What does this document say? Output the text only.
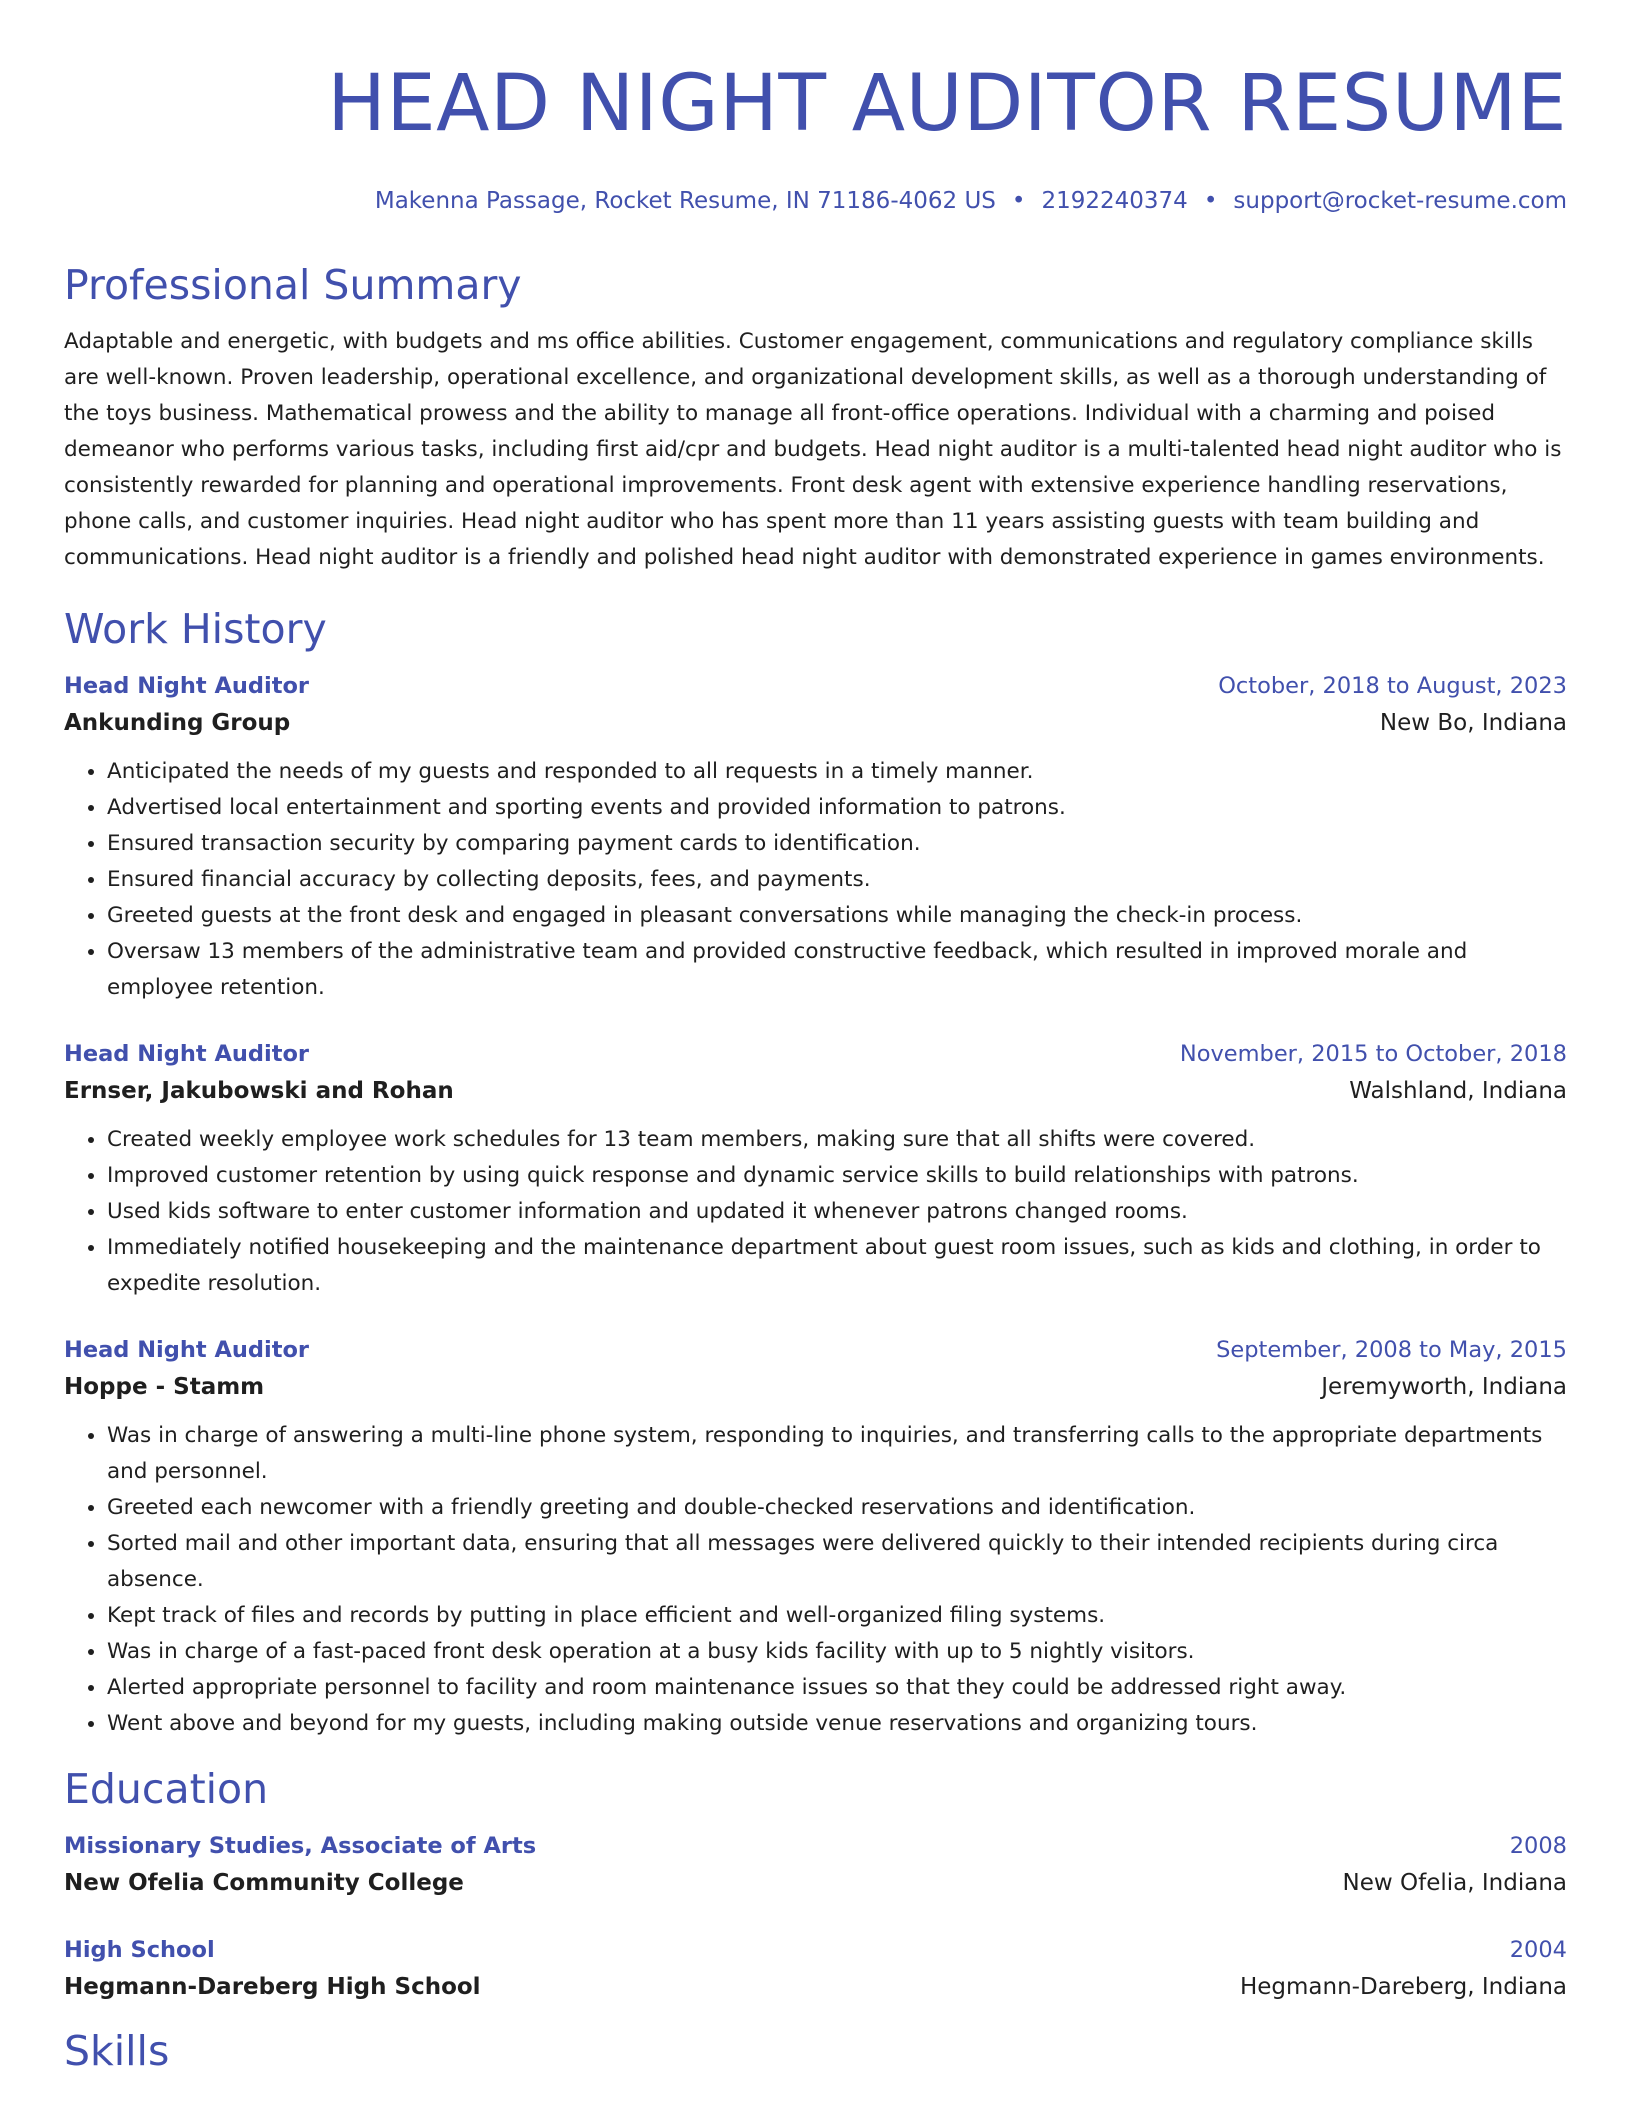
HEAD NIGHT AUDITOR RESUME
Makenna Passage, Rocket Resume, IN 71186-4062 US • 2192240374 • support@rocket-resume.com
Professional Summary
Adaptable and energetic, with budgets and ms office abilities. Customer engagement, communications and regulatory compliance skills are well-known. Proven leadership, operational excellence, and organizational development skills, as well as a thorough understanding of the toys business. Mathematical prowess and the ability to manage all front-office operations. Individual with a charming and poised demeanor who performs various tasks, including first aid/cpr and budgets. Head night auditor is a multi-talented head night auditor who is consistently rewarded for planning and operational improvements. Front desk agent with extensive experience handling reservations, phone calls, and customer inquiries. Head night auditor who has spent more than 11 years assisting guests with team building and communications. Head night auditor is a friendly and polished head night auditor with demonstrated experience in games environments.
Work History
Head Night Auditor	October, 2018 to August, 2023
Ankunding Group	New Bo, Indiana
• Anticipated the needs of my guests and responded to all requests in a timely manner.
• Advertised local entertainment and sporting events and provided information to patrons.
• Ensured transaction security by comparing payment cards to identification.
• Ensured financial accuracy by collecting deposits, fees, and payments.
• Greeted guests at the front desk and engaged in pleasant conversations while managing the check-in process.
• Oversaw 13 members of the administrative team and provided constructive feedback, which resulted in improved morale and employee retention.
Head Night Auditor	November, 2015 to October, 2018
Ernser, Jakubowski and Rohan	Walshland, Indiana
• Created weekly employee work schedules for 13 team members, making sure that all shifts were covered.
• Improved customer retention by using quick response and dynamic service skills to build relationships with patrons.
• Used kids software to enter customer information and updated it whenever patrons changed rooms.
• Immediately notified housekeeping and the maintenance department about guest room issues, such as kids and clothing, in order to expedite resolution.
Head Night Auditor	September, 2008 to May, 2015
Hoppe - Stamm	Jeremyworth, Indiana
• Was in charge of answering a multi-line phone system, responding to inquiries, and transferring calls to the appropriate departments and personnel.
• Greeted each newcomer with a friendly greeting and double-checked reservations and identification.
• Sorted mail and other important data, ensuring that all messages were delivered quickly to their intended recipients during circa absence.
• Kept track of files and records by putting in place efficient and well-organized filing systems.
• Was in charge of a fast-paced front desk operation at a busy kids facility with up to 5 nightly visitors.
• Alerted appropriate personnel to facility and room maintenance issues so that they could be addressed right away.
• Went above and beyond for my guests, including making outside venue reservations and organizing tours.
Education
Missionary Studies, Associate of Arts	2008
New Ofelia Community College	New Ofelia, Indiana
High School	2004
Hegmann-Dareberg High School	Hegmann-Dareberg, Indiana
Skills
